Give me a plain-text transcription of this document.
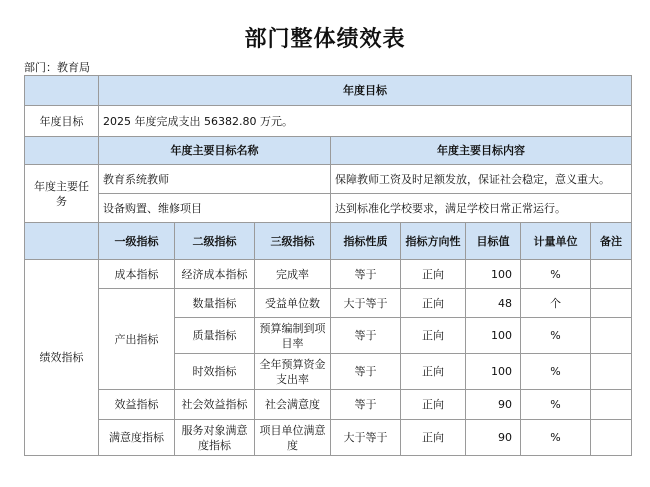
部门整体绩效表
部门：教育局
	年度目标							
年度目标	2025 年度完成支出 56382.80 万元。							
	年度主要目标名称			年度主要目标内容				
年度主要任务	教育系统教师			保障教师工资及时足额发放，保证社会稳定，意义重大。				
	设备购置、维修项目			达到标准化学校要求，满足学校日常正常运行。				
	一级指标	二级指标	三级指标	指标性质	指标方向性	目标值	计量单位	备注
绩效指标	成本指标	经济成本指标	完成率	等于	正向	100	%	
	产出指标	数量指标	受益单位数	大于等于	正向	48	个	
		质量指标	预算编制到项目率	等于	正向	100	%	
		时效指标	全年预算资金支出率	等于	正向	100	%	
	效益指标	社会效益指标	社会满意度	等于	正向	90	%	
	满意度指标	服务对象满意度指标	项目单位满意度	大于等于	正向	90	%	
